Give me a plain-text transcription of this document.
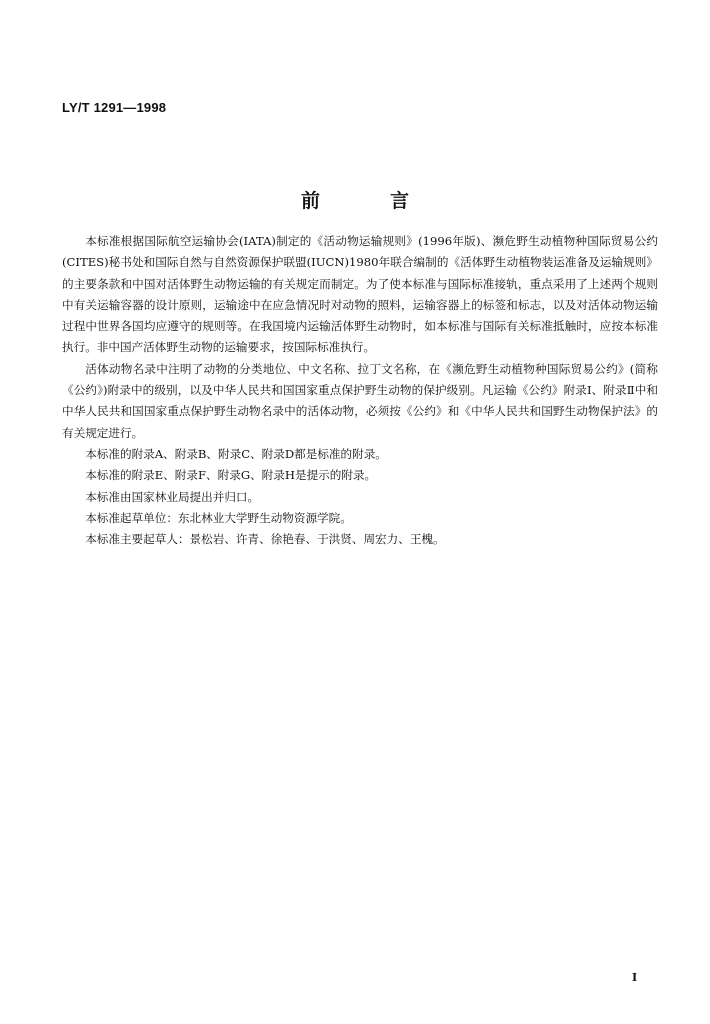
LY/T 1291—1998
前	言

本标准根据国际航空运输协会(IATA)制定的《活动物运输规则》(1996年版)、濒危野生动植物种国际贸易公约(CITES)秘书处和国际自然与自然资源保护联盟(IUCN)1980年联合编制的《活体野生动植物装运准备及运输规则》的主要条款和中国对活体野生动物运输的有关规定而制定。为了使本标准与国际标准接轨，重点采用了上述两个规则中有关运输容器的设计原则，运输途中在应急情况时对动物的照料，运输容器上的标签和标志，以及对活体动物运输过程中世界各国均应遵守的规则等。在我国境内运输活体野生动物时，如本标准与国际有关标准抵触时，应按本标准执行。非中国产活体野生动物的运输要求，按国际标准执行。

活体动物名录中注明了动物的分类地位、中文名称、拉丁文名称，在《濒危野生动植物种国际贸易公约》(简称《公约》)附录中的级别，以及中华人民共和国国家重点保护野生动物的保护级别。凡运输《公约》附录Ⅰ、附录Ⅱ中和中华人民共和国国家重点保护野生动物名录中的活体动物，必须按《公约》和《中华人民共和国野生动物保护法》的有关规定进行。

本标准的附录A、附录B、附录C、附录D都是标准的附录。

本标准的附录E、附录F、附录G、附录H是提示的附录。

本标准由国家林业局提出并归口。

本标准起草单位：东北林业大学野生动物资源学院。

本标准主要起草人：景松岩、许青、徐艳春、于洪贤、周宏力、王槐。

I
